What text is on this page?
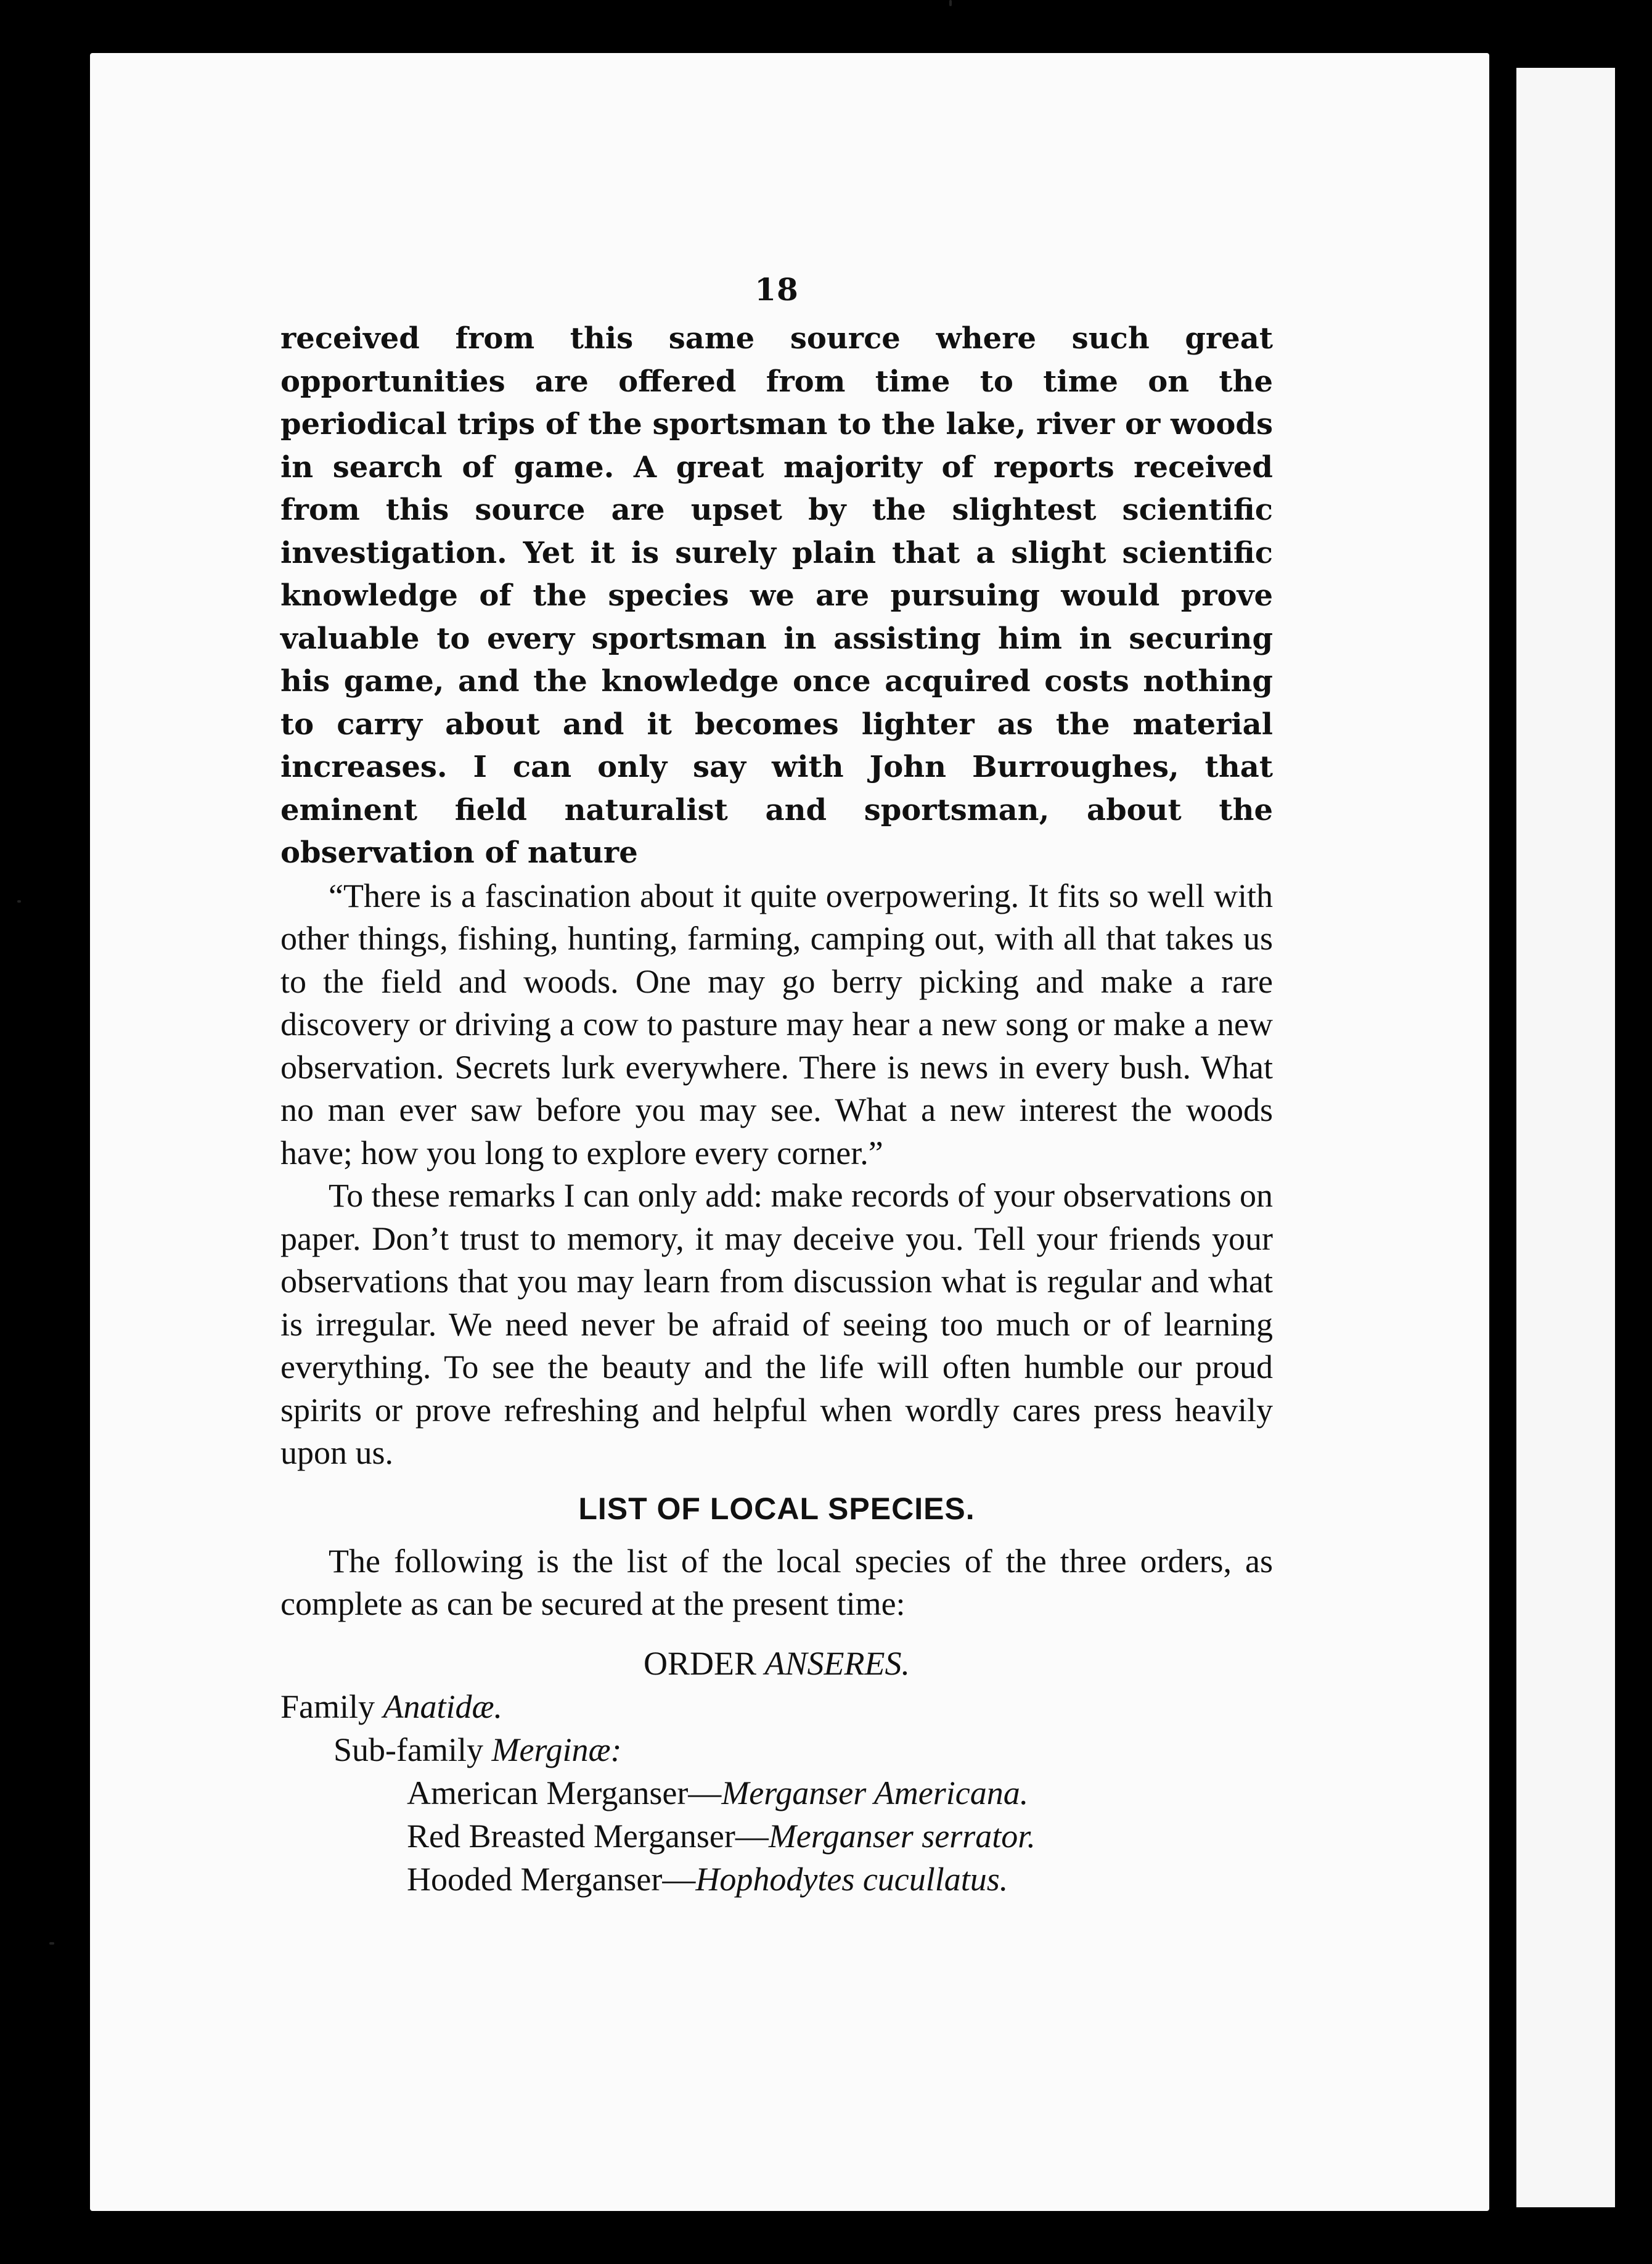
18

received from this same source where such great opportunities are offered from time to time on the periodical trips of the sportsman to the lake, river or woods in search of game. A great majority of reports received from this source are upset by the slightest scientific investigation. Yet it is surely plain that a slight scientific knowledge of the species we are pursuing would prove valuable to every sportsman in assisting him in securing his game, and the knowledge once acquired costs nothing to carry about and it becomes lighter as the material increases. I can only say with John Burroughes, that eminent field naturalist and sportsman, about the observation of nature

“There is a fascination about it quite overpowering. It fits so well with other things, fishing, hunting, farming, camping out, with all that takes us to the field and woods. One may go berry picking and make a rare discovery or driving a cow to pasture may hear a new song or make a new observation. Secrets lurk everywhere. There is news in every bush. What no man ever saw before you may see. What a new interest the woods have; how you long to explore every corner.”

To these remarks I can only add: make records of your observations on paper. Don’t trust to memory, it may deceive you. Tell your friends your observations that you may learn from discussion what is regular and what is irregular. We need never be afraid of seeing too much or of learning everything. To see the beauty and the life will often humble our proud spirits or prove refreshing and helpful when wordly cares press heavily upon us.

LIST OF LOCAL SPECIES.

The following is the list of the local species of the three orders, as complete as can be secured at the present time:

ORDER ANSERES.
Family Anatidæ.
Sub-family Merginæ:
American Merganser—Merganser Americana.
Red Breasted Merganser—Merganser serrator.
Hooded Merganser—Hophodytes cucullatus.
